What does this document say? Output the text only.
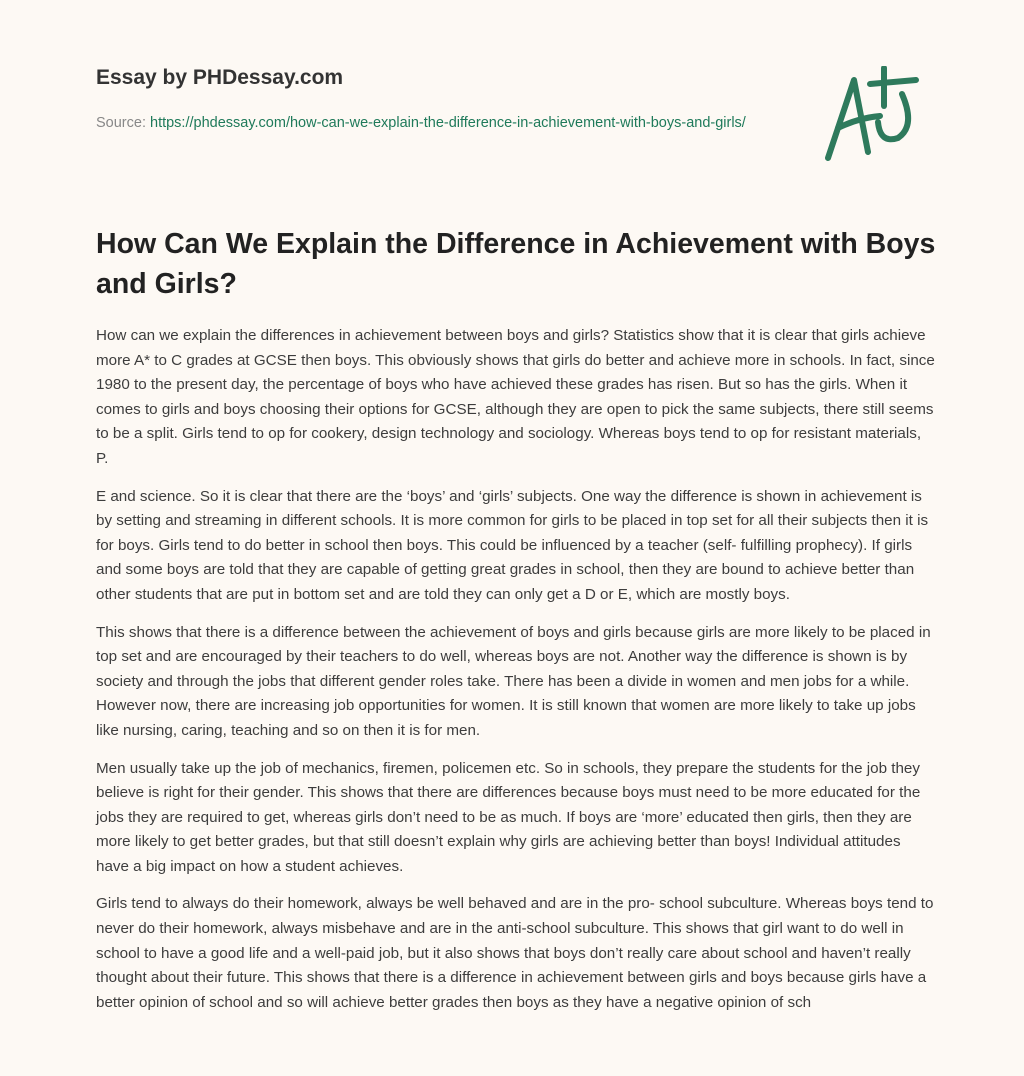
Essay by PHDessay.com
Source: https://phdessay.com/how-can-we-explain-the-difference-in-achievement-with-boys-and-girls/
How Can We Explain the Difference in Achievement with Boys and Girls?

How can we explain the differences in achievement between boys and girls? Statistics show that it is clear that girls achieve more A* to C grades at GCSE then boys. This obviously shows that girls do better and achieve more in schools. In fact, since 1980 to the present day, the percentage of boys who have achieved these grades has risen. But so has the girls. When it comes to girls and boys choosing their options for GCSE, although they are open to pick the same subjects, there still seems to be a split. Girls tend to op for cookery, design technology and sociology. Whereas boys tend to op for resistant materials, P.

E and science. So it is clear that there are the ‘boys’ and ‘girls’ subjects. One way the difference is shown in achievement is by setting and streaming in different schools. It is more common for girls to be placed in top set for all their subjects then it is for boys. Girls tend to do better in school then boys. This could be influenced by a teacher (self- fulfilling prophecy). If girls and some boys are told that they are capable of getting great grades in school, then they are bound to achieve better than other students that are put in bottom set and are told they can only get a D or E, which are mostly boys.

This shows that there is a difference between the achievement of boys and girls because girls are more likely to be placed in top set and are encouraged by their teachers to do well, whereas boys are not. Another way the difference is shown is by society and through the jobs that different gender roles take. There has been a divide in women and men jobs for a while. However now, there are increasing job opportunities for women. It is still known that women are more likely to take up jobs like nursing, caring, teaching and so on then it is for men.

Men usually take up the job of mechanics, firemen, policemen etc. So in schools, they prepare the students for the job they believe is right for their gender. This shows that there are differences because boys must need to be more educated for the jobs they are required to get, whereas girls don’t need to be as much. If boys are ‘more’ educated then girls, then they are more likely to get better grades, but that still doesn’t explain why girls are achieving better than boys! Individual attitudes have a big impact on how a student achieves.

Girls tend to always do their homework, always be well behaved and are in the pro- school subculture. Whereas boys tend to never do their homework, always misbehave and are in the anti-school subculture. This shows that girl want to do well in school to have a good life and a well-paid job, but it also shows that boys don’t really care about school and haven’t really thought about their future. This shows that there is a difference in achievement between girls and boys because girls have a better opinion of school and so will achieve better grades then boys as they have a negative opinion of sch
